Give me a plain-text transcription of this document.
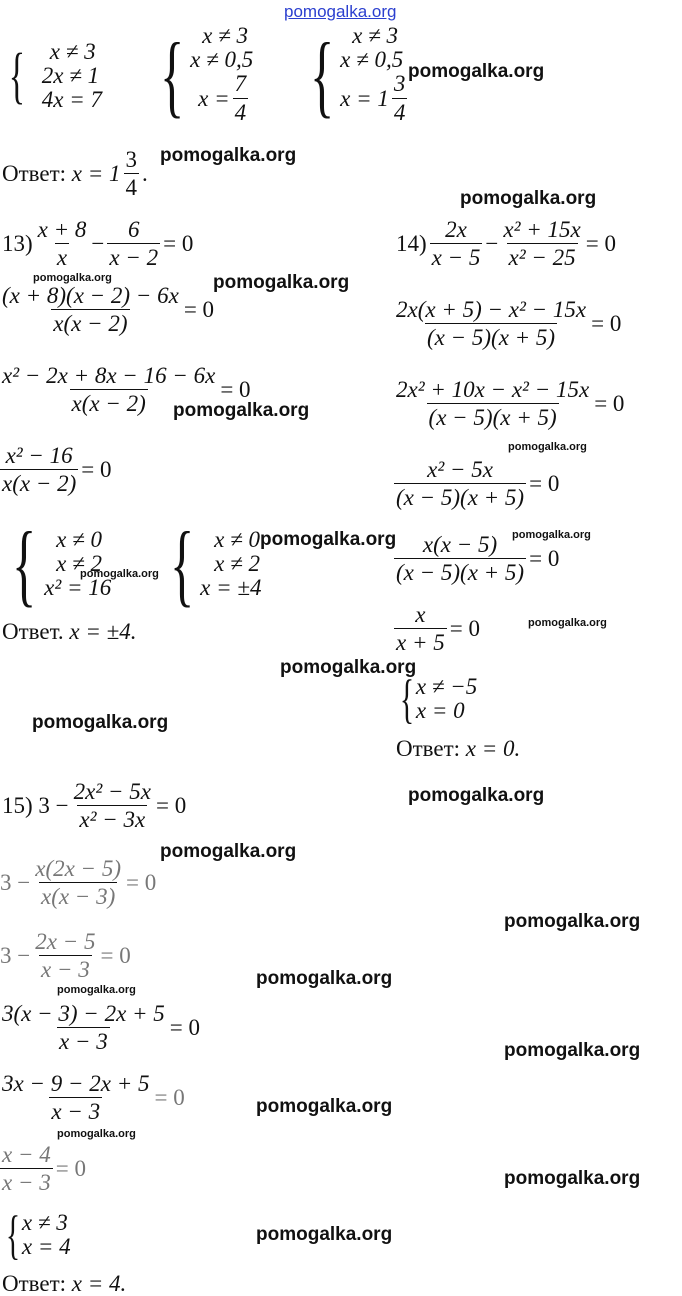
pomogalka.org
{	x ≠ 3
2x ≠ 1
4x = 7 { x ≠ 3
x ≠ 0,5
$x = \frac{7}{4}$ { x ≠ 3
x ≠ 0,5
$x = 1 \frac{3}{4}$
pomogalka.org
Ответ:
$x = 1 \frac{3}{4}$ .
pomogalka.org
pomogalka.org
$13) \frac{x + 8}{x} - \frac{6}{x - 2} = 0$
pomogalka.org	pomogalka.org
$\frac{(x + 8)(x - 2) - 6x}{x(x - 2)} = 0$
$\frac{\text{x² − 2x + 8x − 16 − 6x}}{x(x - 2)} = 0$
pomogalka.org
$\frac{\text{x² − 16}}{x(x - 2)} = 0$
{ x ≠ 0
x ≠ 2
x² = 16
pomogalka.org { x ≠ 0
x ≠ 2
x = ±4
pomogalka.org
Ответ.
x = ±4.
pomogalka.org
pomogalka.org
$14) \frac{2x}{x - 5} - \frac{\text{x² + 15x}}{\text{x² − 25}} = 0$
$\frac{\text{2x(x + 5) − x² − 15x}}{(x - 5)(x + 5)} = 0$
$\frac{\text{2x² + 10x − x² − 15x}}{(x - 5)(x + 5)} = 0$
pomogalka.org
$\frac{\text{x² − 5x}}{(x - 5)(x + 5)} = 0$
pomogalka.org
$\frac{x(x - 5)}{(x - 5)(x + 5)} = 0$
$\frac{x}{x + 5} = 0$	pomogalka.org
{ x ≠ −5
x = 0
Ответ:
x = 0.
pomogalka.org
15) $3 - \frac{\text{2x² − 5x}}{\text{x² − 3x}} = 0$
pomogalka.org
$3 - \frac{x(2x - 5)}{x(x - 3)} = 0$
pomogalka.org
$3 - \frac{2x - 5}{x - 3} = 0$
pomogalka.org
pomogalka.org
$\frac{3(x - 3) - 2x + 5}{x - 3} = 0$
pomogalka.org
$\frac{3x - 9 - 2x + 5}{x - 3} = 0$	pomogalka.org
pomogalka.org
$\frac{x - 4}{x - 3} = 0$	pomogalka.org
{ x ≠ 3
x = 4	pomogalka.org
Ответ:
x = 4.
